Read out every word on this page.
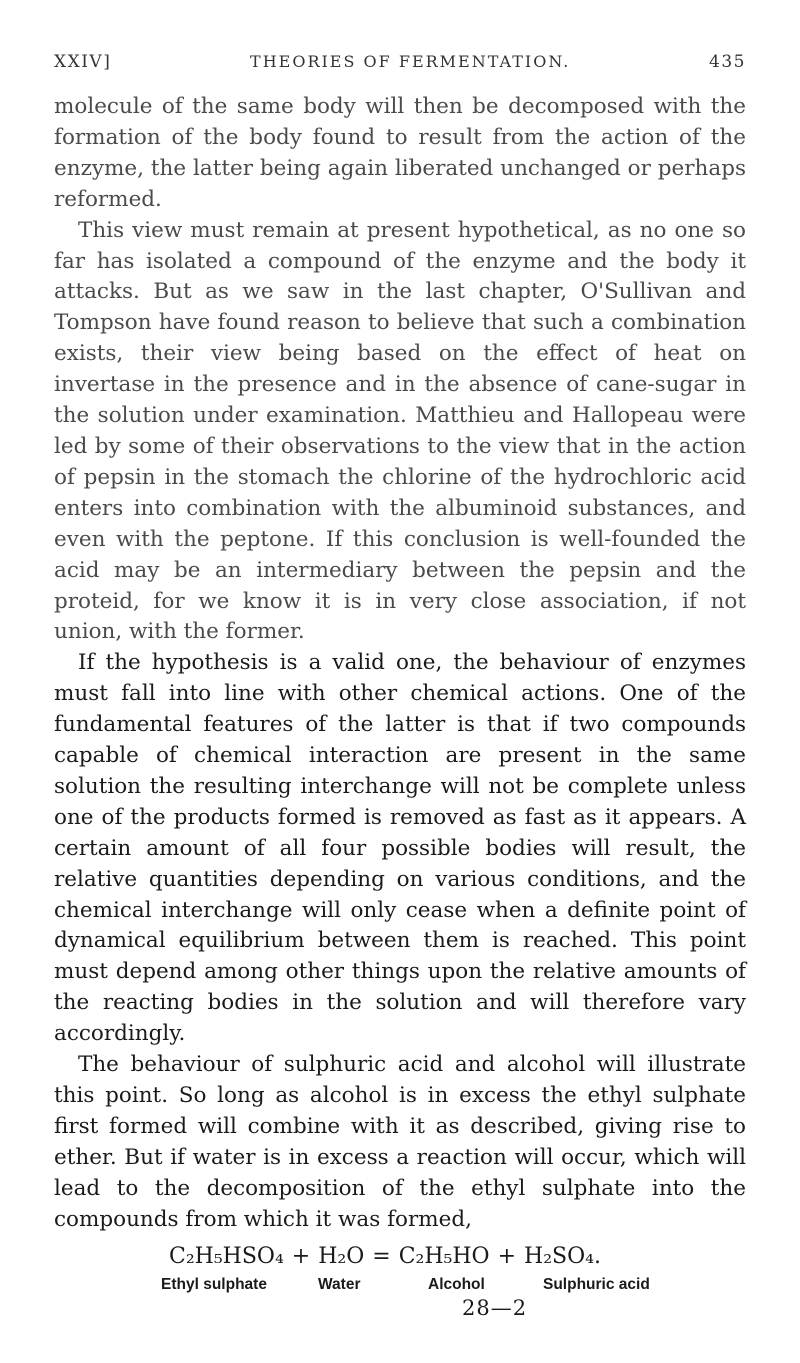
XXIV]	THEORIES OF FERMENTATION.	435

molecule of the same body will then be decomposed with the formation of the body found to result from the action of the enzyme, the latter being again liberated unchanged or perhaps reformed.

This view must remain at present hypothetical, as no one so far has isolated a compound of the enzyme and the body it attacks. But as we saw in the last chapter, O'Sullivan and Tompson have found reason to believe that such a combination exists, their view being based on the effect of heat on invertase in the presence and in the absence of cane-sugar in the solution under examination. Matthieu and Hallopeau were led by some of their observations to the view that in the action of pepsin in the stomach the chlorine of the hydrochloric acid enters into combination with the albuminoid substances, and even with the peptone. If this conclusion is well-founded the acid may be an intermediary between the pepsin and the proteid, for we know it is in very close association, if not union, with the former.

If the hypothesis is a valid one, the behaviour of enzymes must fall into line with other chemical actions. One of the fundamental features of the latter is that if two compounds capable of chemical interaction are present in the same solution the resulting interchange will not be complete unless one of the products formed is removed as fast as it appears. A certain amount of all four possible bodies will result, the relative quantities depending on various conditions, and the chemical interchange will only cease when a definite point of dynamical equilibrium between them is reached. This point must depend among other things upon the relative amounts of the reacting bodies in the solution and will therefore vary accordingly.

The behaviour of sulphuric acid and alcohol will illustrate this point. So long as alcohol is in excess the ethyl sulphate first formed will combine with it as described, giving rise to ether. But if water is in excess a reaction will occur, which will lead to the decomposition of the ethyl sulphate into the compounds from which it was formed,

C₂H₅HSO₄ + H₂O = C₂H₅HO + H₂SO₄.
Ethyl sulphate	Water	Alcohol	Sulphuric acid
28—2
